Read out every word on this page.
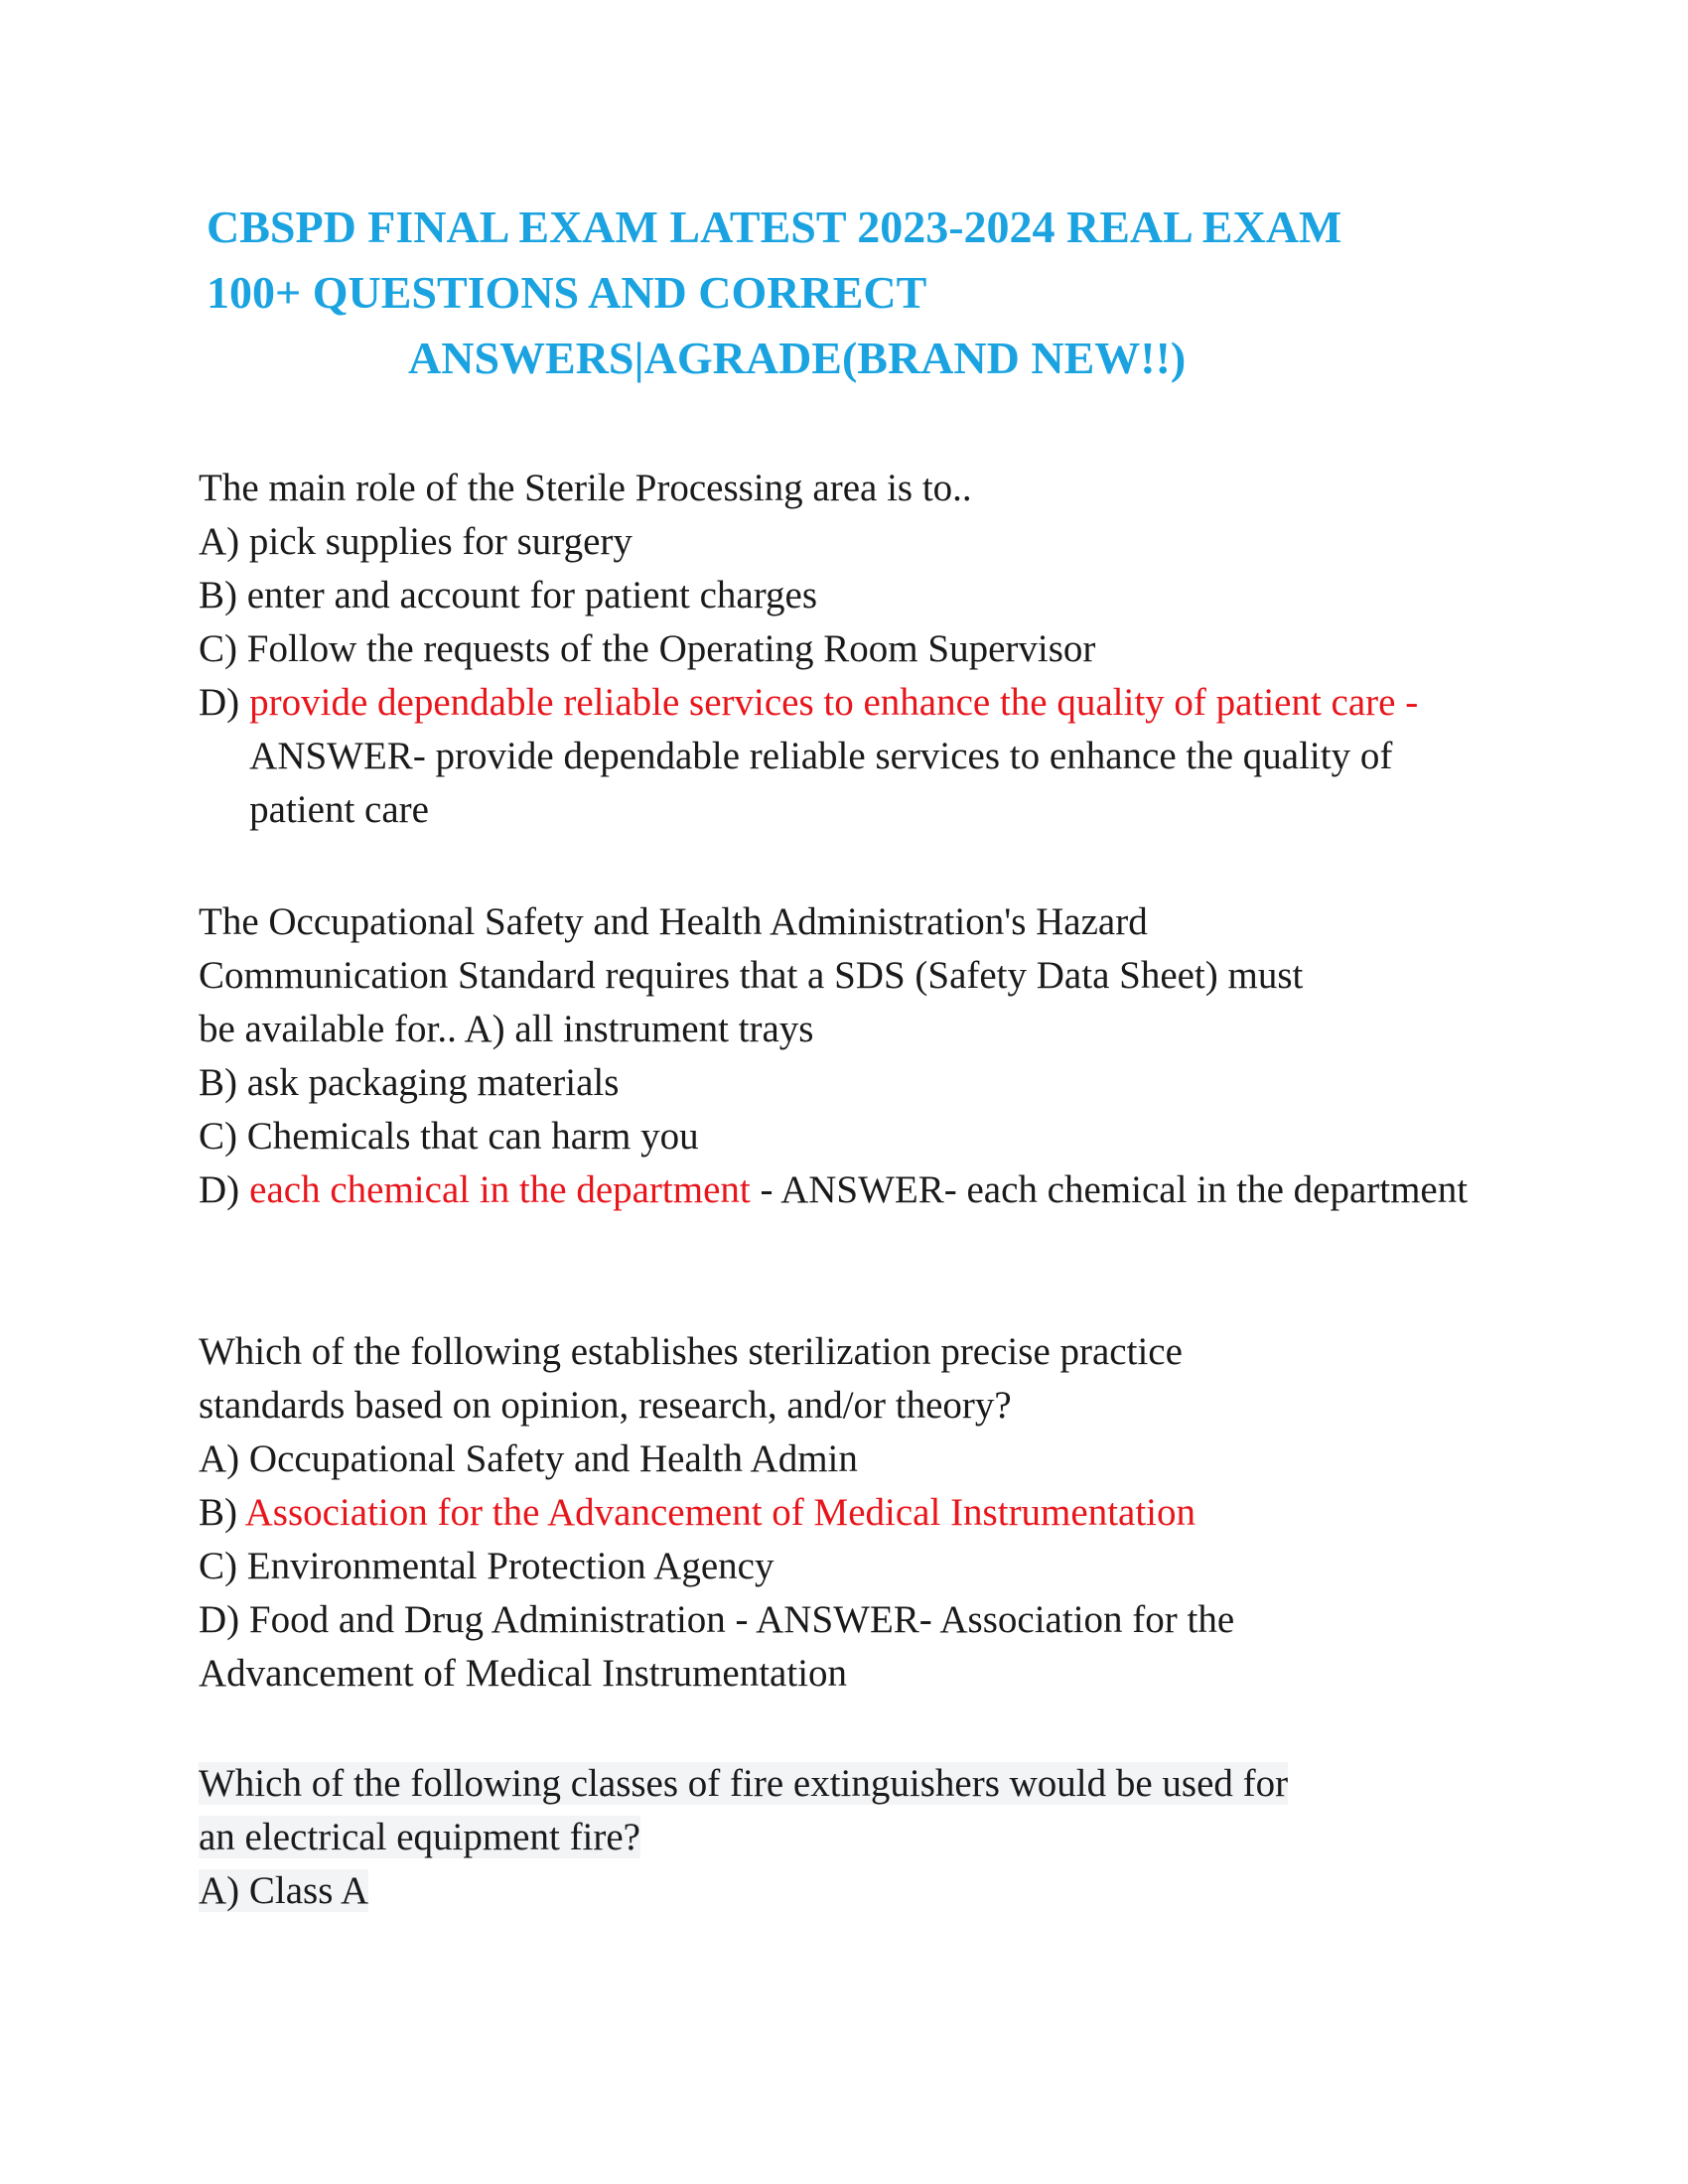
CBSPD FINAL EXAM LATEST 2023-2024 REAL EXAM
100+ QUESTIONS AND CORRECT
ANSWERS|AGRADE(BRAND NEW!!)
The main role of the Sterile Processing area is to..
A) pick supplies for surgery
B) enter and account for patient charges
C) Follow the requests of the Operating Room Supervisor
D) provide dependable reliable services to enhance the quality of patient care - ANSWER- provide dependable reliable services to enhance the quality of patient care
The Occupational Safety and Health Administration's Hazard
Communication Standard requires that a SDS (Safety Data Sheet) must
be available for.. A) all instrument trays
B) ask packaging materials
C) Chemicals that can harm you
D) each chemical in the department - ANSWER- each chemical in the department
Which of the following establishes sterilization precise practice
standards based on opinion, research, and/or theory?
A) Occupational Safety and Health Admin
B) Association for the Advancement of Medical Instrumentation
C) Environmental Protection Agency
D) Food and Drug Administration - ANSWER- Association for the
Advancement of Medical Instrumentation
Which of the following classes of fire extinguishers would be used for
an electrical equipment fire?
A) Class A
